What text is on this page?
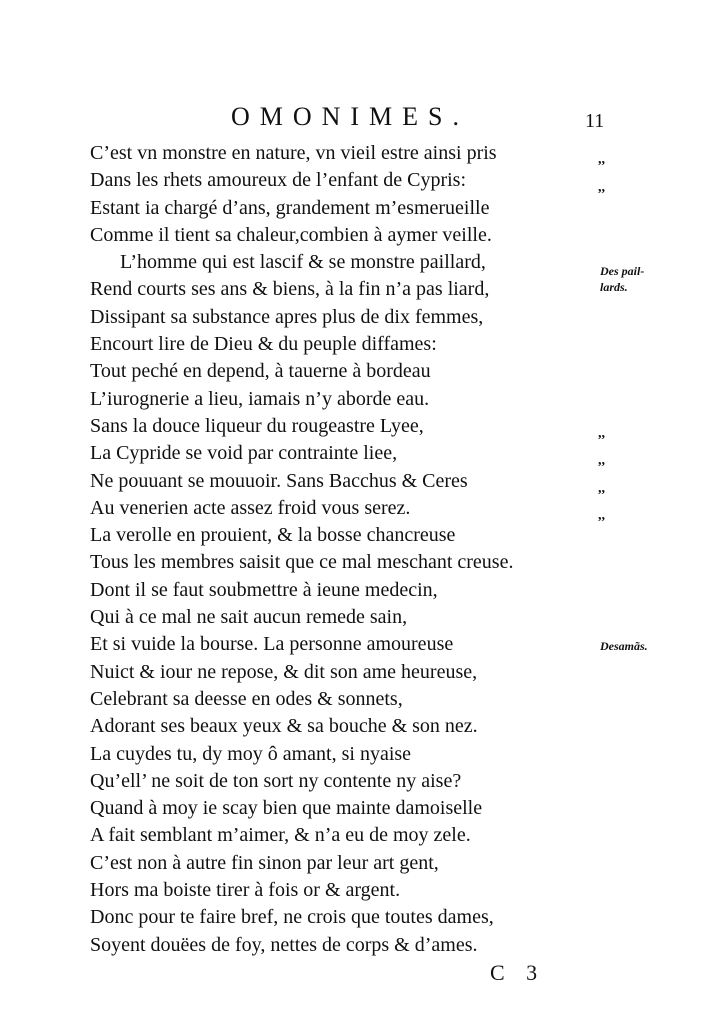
OMONIMES.	11
C’est vn monstre en nature, vn vieil estre ainsi pris
Dans les rhets amoureux de l’enfant de Cypris:
Estant ia chargé d’ans, grandement m’esmerueille
Comme il tient sa chaleur,combien à aymer veille.
L’homme qui est lascif & se monstre paillard,
Rend courts ses ans & biens, à la fin n’a pas liard,
Dissipant sa substance apres plus de dix femmes,
Encourt lire de Dieu & du peuple diffames:
Tout peché en depend, à tauerne à bordeau
L’iurognerie a lieu, iamais n’y aborde eau.
Sans la douce liqueur du rougeastre Lyee,
La Cypride se void par contrainte liee,
Ne pouuant se mouuoir. Sans Bacchus & Ceres
Au venerien acte assez froid vous serez.
La verolle en prouient, & la bosse chancreuse
Tous les membres saisit que ce mal meschant creuse.
Dont il se faut soubmettre à ieune medecin,
Qui à ce mal ne sait aucun remede sain,
Et si vuide la bourse. La personne amoureuse
Nuict & iour ne repose, & dit son ame heureuse,
Celebrant sa deesse en odes & sonnets,
Adorant ses beaux yeux & sa bouche & son nez.
La cuydes tu, dy moy ô amant, si nyaise
Qu’ell’ ne soit de ton sort ny contente ny aise?
Quand à moy ie scay bien que mainte damoiselle
A fait semblant m’aimer, & n’a eu de moy zele.
C’est non à autre fin sinon par leur art gent,
Hors ma boiste tirer à fois or & argent.
Donc pour te faire bref, ne crois que toutes dames,
Soyent douëes de foy, nettes de corps & d’ames.
,,
,,
,,
,,
,,
,,
Des pail-
lards.
Desamãs.
C 3
